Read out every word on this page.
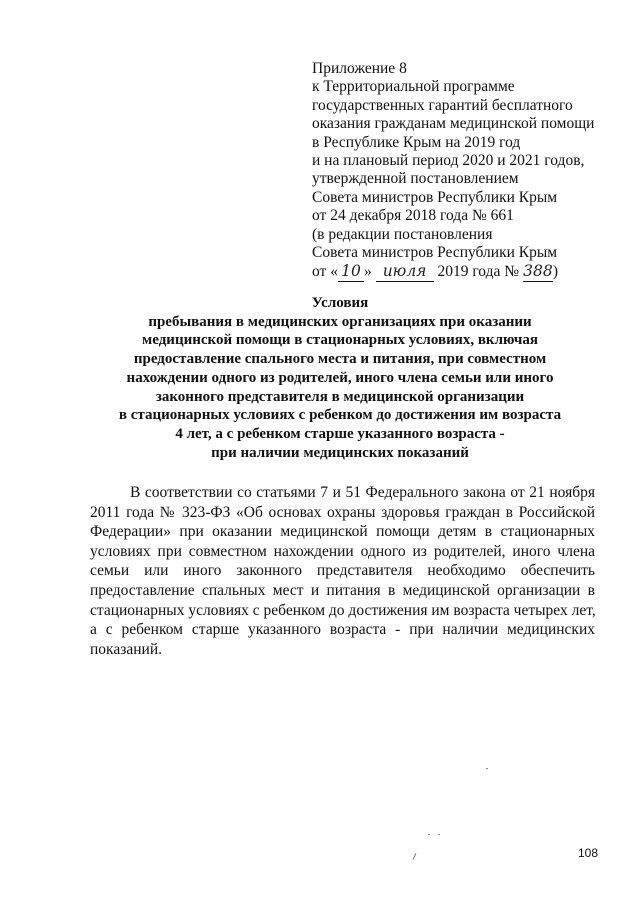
Приложение 8
к Территориальной программе
государственных гарантий бесплатного
оказания гражданам медицинской помощи
в Республике Крым на 2019 год
и на плановый период 2020 и 2021 годов,
утвержденной постановлением
Совета министров Республики Крым
от 24 декабря 2018 года № 661
(в редакции постановления
Совета министров Республики Крым
от « 10 » июля 2019 года № 388)
Условия
пребывания в медицинских организациях при оказании
медицинской помощи в стационарных условиях, включая
предоставление спального места и питания, при совместном
нахождении одного из родителей, иного члена семьи или иного
законного представителя в медицинской организации
в стационарных условиях с ребенком до достижения им возраста
4 лет, а с ребенком старше указанного возраста -
при наличии медицинских показаний
В соответствии со статьями 7 и 51 Федерального закона от 21 ноября
2011 года № 323-ФЗ «Об основах охраны здоровья граждан в Российской
Федерации» при оказании медицинской помощи детям в стационарных
условиях при совместном нахождении одного из родителей, иного члена
семьи или иного законного представителя необходимо обеспечить
предоставление спальных мест и питания в медицинской организации в
стационарных условиях с ребенком до достижения им возраста четырех лет,
а с ребенком старше указанного возраста - при наличии медицинских
показаний.
108
